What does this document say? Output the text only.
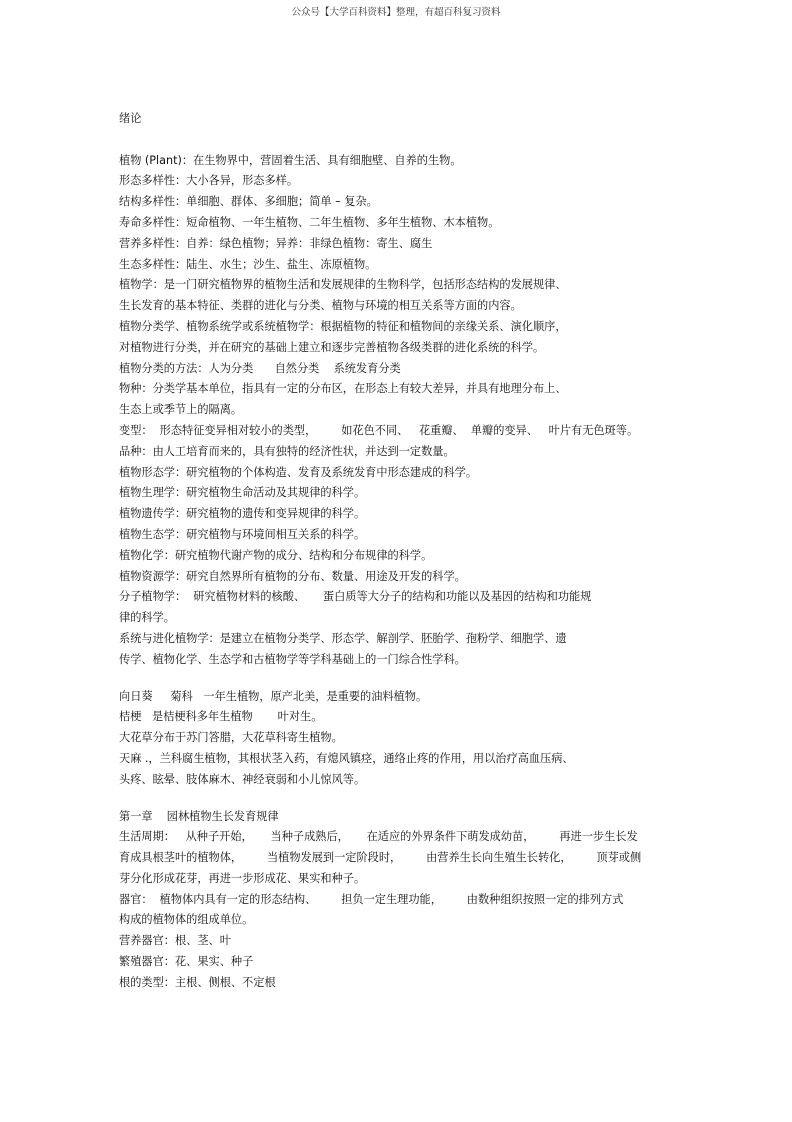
公众号【大学百科资料】整理，有超百科复习资料
绪论
植物 (Plant)：在生物界中，营固着生活、具有细胞壁、自养的生物。
形态多样性：大小各异，形态多样。
结构多样性：单细胞、群体、多细胞；简单 – 复杂。
寿命多样性：短命植物、一年生植物、二年生植物、多年生植物、木本植物。
营养多样性：自养：绿色植物；异养：非绿色植物：寄生、腐生
生态多样性：陆生、水生；沙生、盐生、冻原植物。
植物学：是一门研究植物界的植物生活和发展规律的生物科学，包括形态结构的发展规律、
生长发育的基本特征、类群的进化与分类、植物与环境的相互关系等方面的内容。
植物分类学、植物系统学或系统植物学：根据植物的特征和植物间的亲缘关系、演化顺序，
对植物进行分类，并在研究的基础上建立和逐步完善植物各级类群的进化系统的科学。
植物分类的方法：人为分类      自然分类    系统发育分类
物种：分类学基本单位，指具有一定的分布区，在形态上有较大差异，并具有地理分布上、
生态上或季节上的隔离。
变型：  形态特征变异相对较小的类型，       如花色不同、   花重瓣、  单瓣的变异、   叶片有无色斑等。
品种：由人工培育而来的，具有独特的经济性状，并达到一定数量。
植物形态学：研究植物的个体构造、发育及系统发育中形态建成的科学。
植物生理学：研究植物生命活动及其规律的科学。
植物遗传学：研究植物的遗传和变异规律的科学。
植物生态学：研究植物与环境间相互关系的科学。
植物化学：研究植物代谢产物的成分、结构和分布规律的科学。
植物资源学：研究自然界所有植物的分布、数量、用途及开发的科学。
分子植物学：  研究植物材料的核酸、     蛋白质等大分子的结构和功能以及基因的结构和功能规
律的科学。
系统与进化植物学：是建立在植物分类学、形态学、解剖学、胚胎学、孢粉学、细胞学、遗
传学、植物化学、生态学和古植物学等学科基础上的一门综合性学科。
向日葵     菊科   一年生植物，原产北美，是重要的油料植物。
桔梗   是桔梗科多年生植物       叶对生。
大花草分布于苏门答腊，大花草科寄生植物。
天麻 .，兰科腐生植物，其根状茎入药，有熄风镇痉，通络止疼的作用，用以治疗高血压病、
头疼、眩晕、肢体麻木、神经衰弱和小儿惊风等。
第一章    园林植物生长发育规律
生活周期：   从种子开始，     当种子成熟后，     在适应的外界条件下萌发成幼苗，       再进一步生长发
育成具根茎叶的植物体，       当植物发展到一定阶段时，       由营养生长向生殖生长转化，       顶芽或侧
芽分化形成花芽，再进一步形成花、果实和种子。
器官：  植物体内具有一定的形态结构、       担负一定生理功能，       由数种组织按照一定的排列方式
构成的植物体的组成单位。
营养器官：根、茎、叶
繁殖器官：花、果实、种子
根的类型：主根、侧根、不定根
